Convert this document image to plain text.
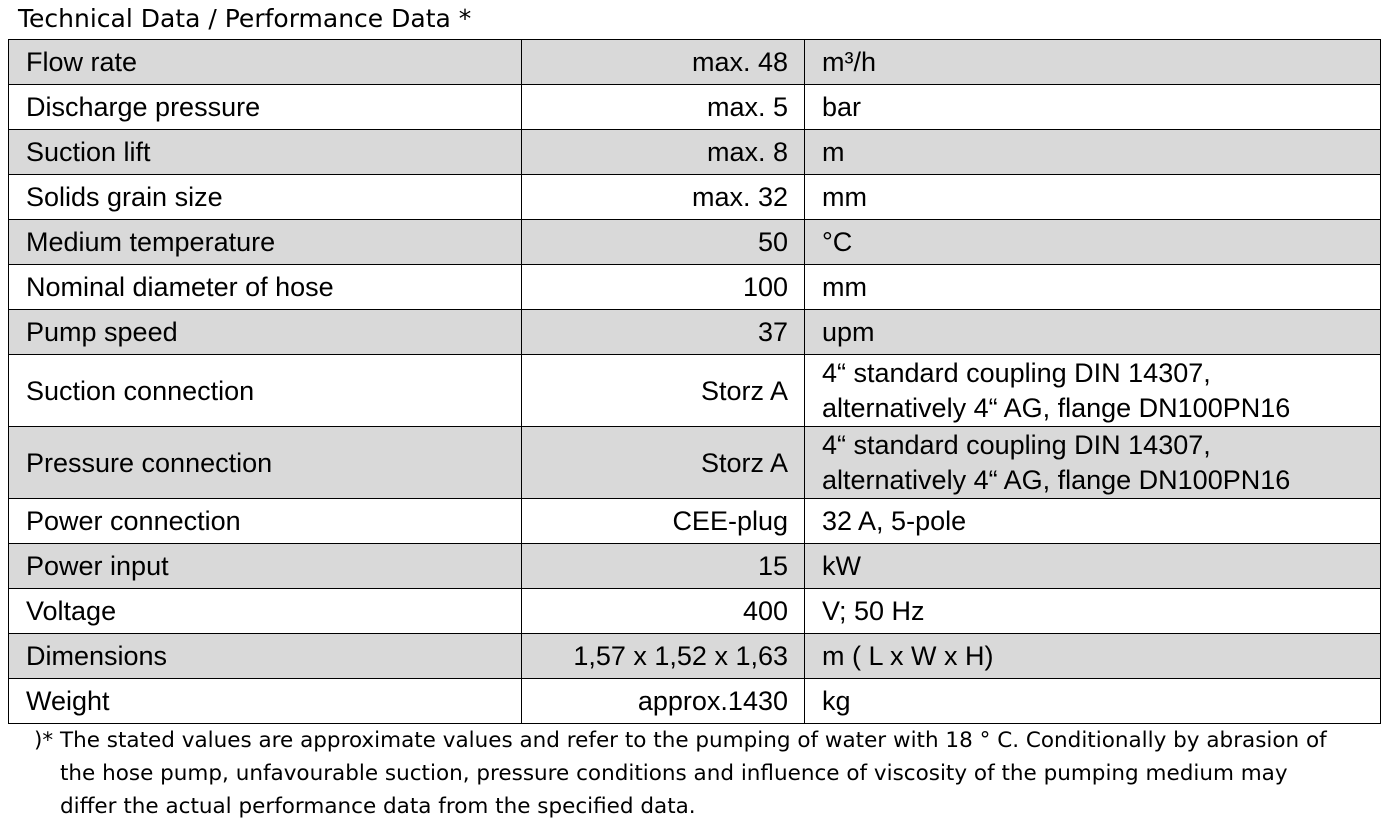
Technical Data / Performance Data *
Flow rate	max. 48	m³/h
Discharge pressure	max. 5	bar
Suction lift	max. 8	m
Solids grain size	max. 32	mm
Medium temperature	50	°C
Nominal diameter of hose	100	mm
Pump speed	37	upm
Suction connection	Storz A	4“ standard coupling DIN 14307,
alternatively 4“ AG, flange DN100PN16

Pressure connection	Storz A	4“ standard coupling DIN 14307,
alternatively 4“ AG, flange DN100PN16

Power connection	CEE-plug	32 A, 5-pole
Power input	15	kW
Voltage	400	V; 50 Hz
Dimensions	1,57 x 1,52 x 1,63	m ( L x W x H)
Weight	approx.1430	kg
)* The stated values are approximate values and refer to the pumping of water with 18 ° C. Conditionally by abrasion of
the hose pump, unfavourable suction, pressure conditions and influence of viscosity of the pumping medium may
differ the actual performance data from the specified data.
